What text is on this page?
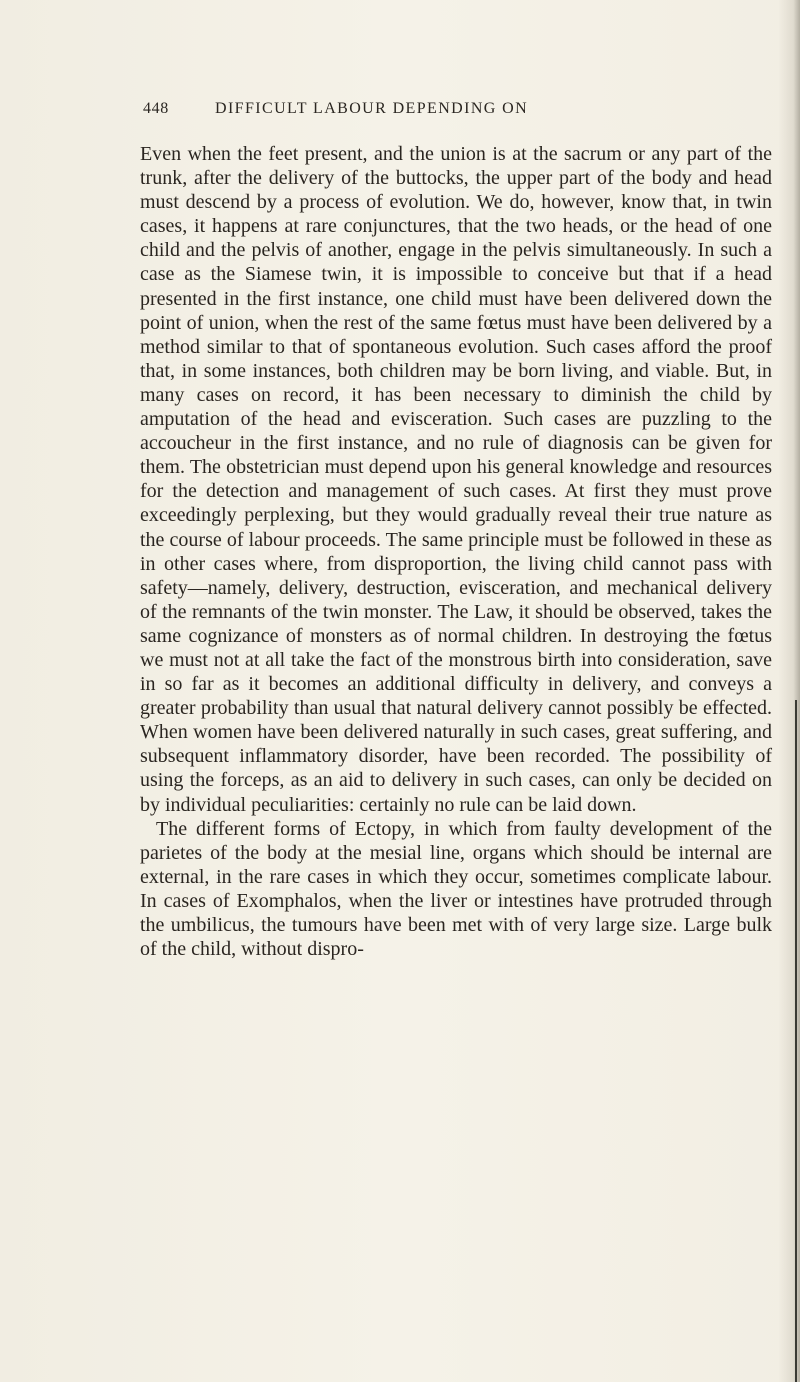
448	DIFFICULT LABOUR DEPENDING ON

Even when the feet present, and the union is at the sacrum or any part of the trunk, after the delivery of the buttocks, the upper part of the body and head must descend by a process of evolution. We do, however, know that, in twin cases, it happens at rare conjunctures, that the two heads, or the head of one child and the pelvis of another, engage in the pelvis simultaneously. In such a case as the Siamese twin, it is impossible to conceive but that if a head presented in the first instance, one child must have been delivered down the point of union, when the rest of the same fœtus must have been delivered by a method similar to that of spontaneous evolution. Such cases afford the proof that, in some instances, both children may be born living, and viable. But, in many cases on record, it has been necessary to diminish the child by amputation of the head and evisceration. Such cases are puzzling to the accoucheur in the first instance, and no rule of diagnosis can be given for them. The obstetrician must depend upon his general knowledge and resources for the detection and management of such cases. At first they must prove exceedingly perplexing, but they would gradually reveal their true nature as the course of labour proceeds. The same principle must be followed in these as in other cases where, from disproportion, the living child cannot pass with safety—namely, delivery, destruction, evisceration, and mechanical delivery of the remnants of the twin monster. The Law, it should be observed, takes the same cognizance of monsters as of normal children. In destroying the fœtus we must not at all take the fact of the monstrous birth into consideration, save in so far as it becomes an additional difficulty in delivery, and conveys a greater probability than usual that natural delivery cannot possibly be effected. When women have been delivered naturally in such cases, great suffering, and subsequent inflammatory disorder, have been recorded. The possibility of using the forceps, as an aid to delivery in such cases, can only be decided on by individual peculiarities: certainly no rule can be laid down.

The different forms of Ectopy, in which from faulty development of the parietes of the body at the mesial line, organs which should be internal are external, in the rare cases in which they occur, sometimes complicate labour. In cases of Exomphalos, when the liver or intestines have protruded through the umbilicus, the tumours have been met with of very large size. Large bulk of the child, without dispro-
